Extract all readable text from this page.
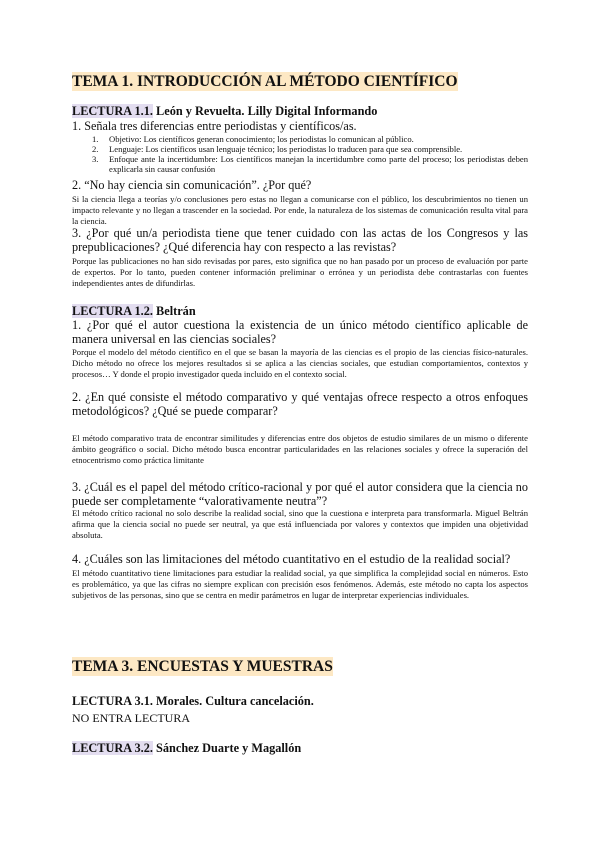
TEMA 1. INTRODUCCIÓN AL MÉTODO CIENTÍFICO
LECTURA 1.1. León y Revuelta. Lilly Digital Informando
1. Señala tres diferencias entre periodistas y científicos/as.
1. Objetivo: Los científicos generan conocimiento; los periodistas lo comunican al público.
2. Lenguaje: Los científicos usan lenguaje técnico; los periodistas lo traducen para que sea comprensible.
3. Enfoque ante la incertidumbre: Los científicos manejan la incertidumbre como parte del proceso; los periodistas deben explicarla sin causar confusión
2. “No hay ciencia sin comunicación”. ¿Por qué?
Si la ciencia llega a teorías y/o conclusiones pero estas no llegan a comunicarse con el público, los descubrimientos no tienen un impacto relevante y no llegan a trascender en la sociedad. Por ende, la naturaleza de los sistemas de comunicación resulta vital para la ciencia.
3. ¿Por qué un/a periodista tiene que tener cuidado con las actas de los Congresos y las prepublicaciones? ¿Qué diferencia hay con respecto a las revistas?
Porque las publicaciones no han sido revisadas por pares, esto significa que no han pasado por un proceso de evaluación por parte de expertos. Por lo tanto, pueden contener información preliminar o errónea y un periodista debe contrastarlas con fuentes independientes antes de difundirlas.
LECTURA 1.2. Beltrán
1. ¿Por qué el autor cuestiona la existencia de un único método científico aplicable de manera universal en las ciencias sociales?
Porque el modelo del método científico en el que se basan la mayoría de las ciencias es el propio de las ciencias físico-naturales. Dicho método no ofrece los mejores resultados si se aplica a las ciencias sociales, que estudian comportamientos, contextos y procesos… Y donde el propio investigador queda incluido en el contexto social.
2. ¿En qué consiste el método comparativo y qué ventajas ofrece respecto a otros enfoques metodológicos? ¿Qué se puede comparar?
El método comparativo trata de encontrar similitudes y diferencias entre dos objetos de estudio similares de un mismo o diferente ámbito geográfico o social. Dicho método busca encontrar particularidades en las relaciones sociales y ofrece la superación del etnocentrismo como práctica limitante
3. ¿Cuál es el papel del método crítico-racional y por qué el autor considera que la ciencia no puede ser completamente “valorativamente neutra”?
El método crítico racional no solo describe la realidad social, sino que la cuestiona e interpreta para transformarla. Miguel Beltrán afirma que la ciencia social no puede ser neutral, ya que está influenciada por valores y contextos que impiden una objetividad absoluta.
4. ¿Cuáles son las limitaciones del método cuantitativo en el estudio de la realidad social?
El método cuantitativo tiene limitaciones para estudiar la realidad social, ya que simplifica la complejidad social en números. Esto es problemático, ya que las cifras no siempre explican con precisión esos fenómenos. Además, este método no capta los aspectos subjetivos de las personas, sino que se centra en medir parámetros en lugar de interpretar experiencias individuales.
TEMA 3. ENCUESTAS Y MUESTRAS
LECTURA 3.1. Morales. Cultura cancelación.
NO ENTRA LECTURA
LECTURA 3.2. Sánchez Duarte y Magallón
